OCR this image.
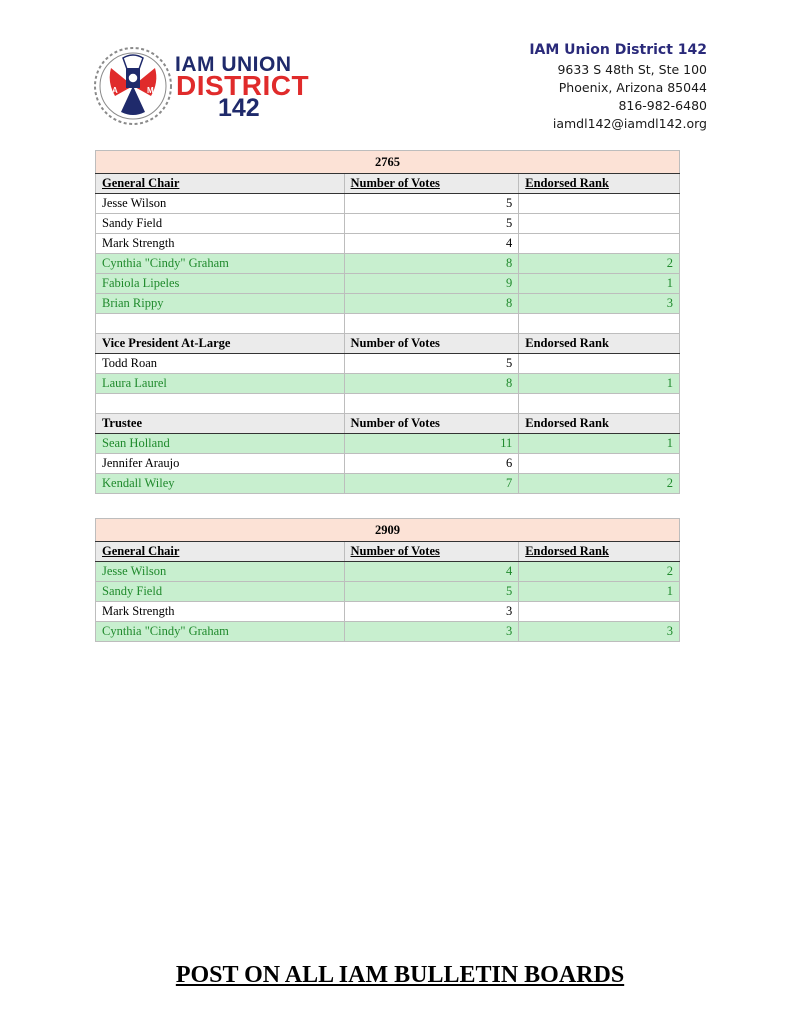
A	M
IAM UNION
DISTRICT
142
IAM Union District 142
9633 S 48th St, Ste 100
Phoenix, Arizona 85044
816-982-6480
iamdl142@iamdl142.org
2765		
General Chair	Number of Votes	Endorsed Rank
Jesse Wilson	5	
Sandy Field	5	
Mark Strength	4	
Cynthia "Cindy" Graham	8	2
Fabiola Lipeles	9	1
Brian Rippy	8	3

Vice President At-Large	Number of Votes	Endorsed Rank
Todd Roan	5	
Laura Laurel	8	1

Trustee	Number of Votes	Endorsed Rank
Sean Holland	11	1
Jennifer Araujo	6	
Kendall Wiley	7	2
2909		
General Chair	Number of Votes	Endorsed Rank
Jesse Wilson	4	2
Sandy Field	5	1
Mark Strength	3	
Cynthia "Cindy" Graham	3	3
POST ON ALL IAM BULLETIN BOARDS
